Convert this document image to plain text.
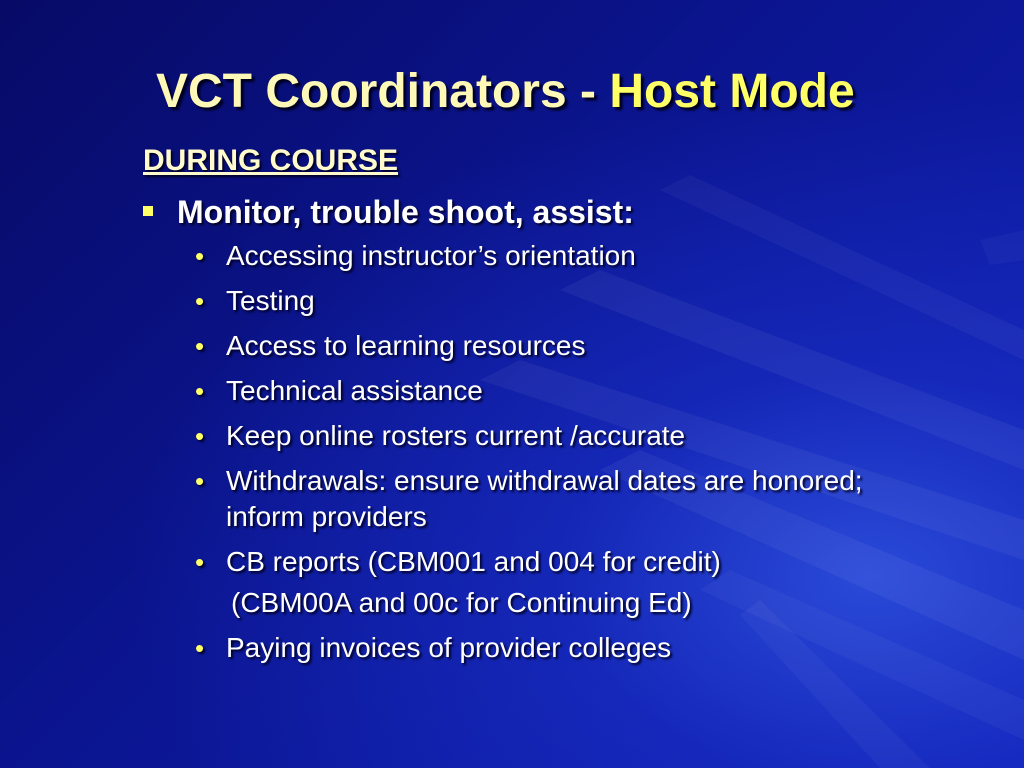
VCT Coordinators - Host Mode
DURING COURSE
Monitor, trouble shoot, assist:
• Accessing instructor’s orientation
• Testing
• Access to learning resources
• Technical assistance
• Keep online rosters current /accurate
• Withdrawals: ensure withdrawal dates are honored; inform providers
• CB reports (CBM001 and 004 for credit)
(CBM00A and 00c for Continuing Ed)
• Paying invoices of provider colleges
